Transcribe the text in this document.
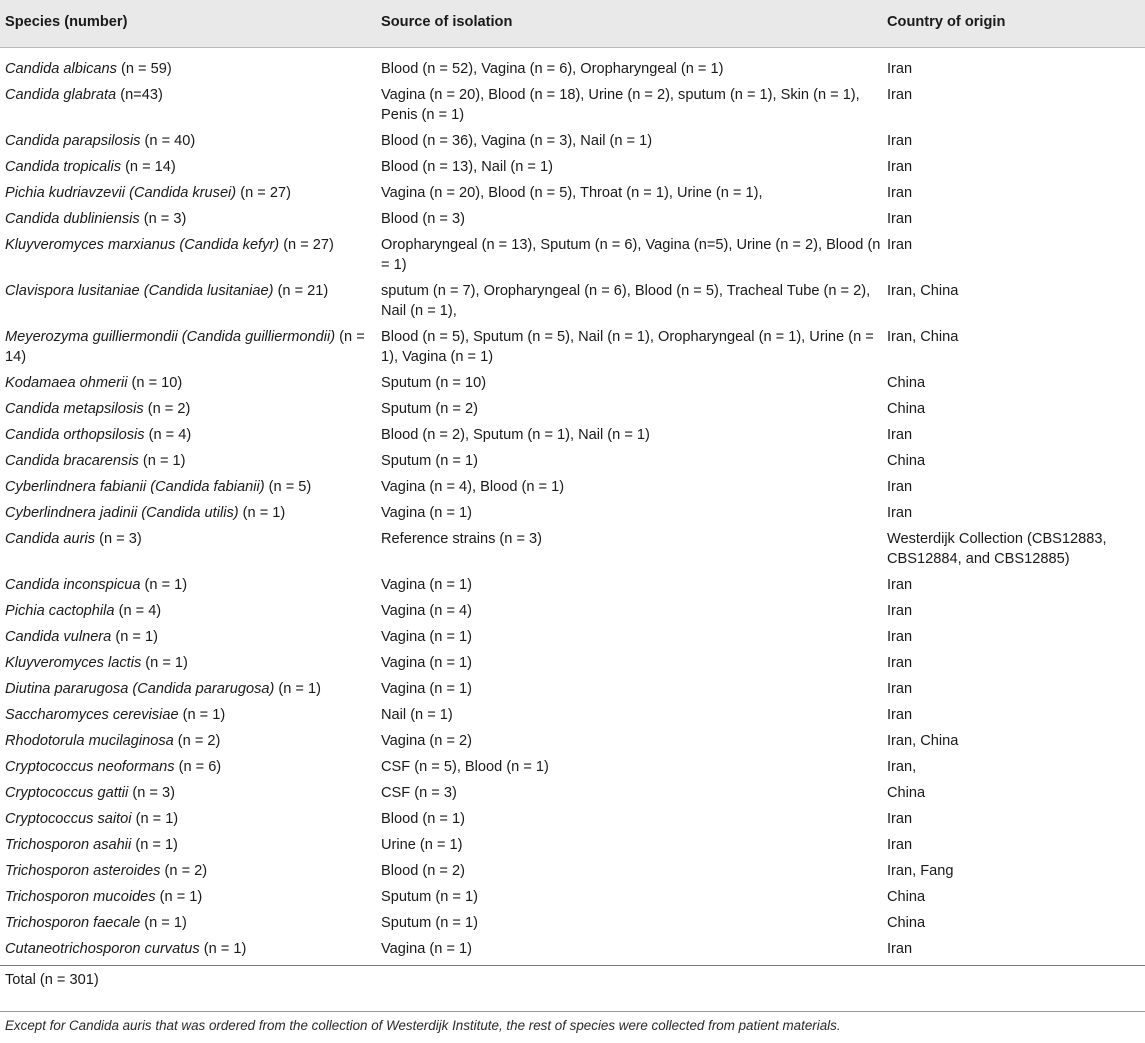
Species (number)	Source of isolation	Country of origin
Candida albicans (n = 59)	Blood (n = 52), Vagina (n = 6), Oropharyngeal (n = 1)	Iran
Candida glabrata (n=43)	Vagina (n = 20), Blood (n = 18), Urine (n = 2), sputum (n = 1), Skin (n = 1), Penis (n = 1)	Iran
Candida parapsilosis (n = 40)	Blood (n = 36), Vagina (n = 3), Nail (n = 1)	Iran
Candida tropicalis (n = 14)	Blood (n = 13), Nail (n = 1)	Iran
Pichia kudriavzevii (Candida krusei) (n = 27)	Vagina (n = 20), Blood (n = 5), Throat (n = 1), Urine (n = 1),	Iran
Candida dubliniensis (n = 3)	Blood (n = 3)	Iran
Kluyveromyces marxianus (Candida kefyr) (n = 27)	Oropharyngeal (n = 13), Sputum (n = 6), Vagina (n=5), Urine (n = 2), Blood (n = 1)	Iran
Clavispora lusitaniae (Candida lusitaniae) (n = 21)	sputum (n = 7), Oropharyngeal (n = 6), Blood (n = 5), Tracheal Tube (n = 2), Nail (n = 1),	Iran, China
Meyerozyma guilliermondii (Candida guilliermondii) (n = 14)	Blood (n = 5), Sputum (n = 5), Nail (n = 1), Oropharyngeal (n = 1), Urine (n = 1), Vagina (n = 1)	Iran, China
Kodamaea ohmerii (n = 10)	Sputum (n = 10)	China
Candida metapsilosis (n = 2)	Sputum (n = 2)	China
Candida orthopsilosis (n = 4)	Blood (n = 2), Sputum (n = 1), Nail (n = 1)	Iran
Candida bracarensis (n = 1)	Sputum (n = 1)	China
Cyberlindnera fabianii (Candida fabianii) (n = 5)	Vagina (n = 4), Blood (n = 1)	Iran
Cyberlindnera jadinii (Candida utilis) (n = 1)	Vagina (n = 1)	Iran
Candida auris (n = 3)	Reference strains (n = 3)	Westerdijk Collection (CBS12883, CBS12884, and CBS12885)
Candida inconspicua (n = 1)	Vagina (n = 1)	Iran
Pichia cactophila (n = 4)	Vagina (n = 4)	Iran
Candida vulnera (n = 1)	Vagina (n = 1)	Iran
Kluyveromyces lactis (n = 1)	Vagina (n = 1)	Iran
Diutina pararugosa (Candida pararugosa) (n = 1)	Vagina (n = 1)	Iran
Saccharomyces cerevisiae (n = 1)	Nail (n = 1)	Iran
Rhodotorula mucilaginosa (n = 2)	Vagina (n = 2)	Iran, China
Cryptococcus neoformans (n = 6)	CSF (n = 5), Blood (n = 1)	Iran,
Cryptococcus gattii (n = 3)	CSF (n = 3)	China
Cryptococcus saitoi (n = 1)	Blood (n = 1)	Iran
Trichosporon asahii (n = 1)	Urine (n = 1)	Iran
Trichosporon asteroides (n = 2)	Blood (n = 2)	Iran, Fang
Trichosporon mucoides (n = 1)	Sputum (n = 1)	China
Trichosporon faecale (n = 1)	Sputum (n = 1)	China
Cutaneotrichosporon curvatus (n = 1)	Vagina (n = 1)	Iran
Total (n = 301)		
Except for Candida auris that was ordered from the collection of Westerdijk Institute, the rest of species were collected from patient materials.
